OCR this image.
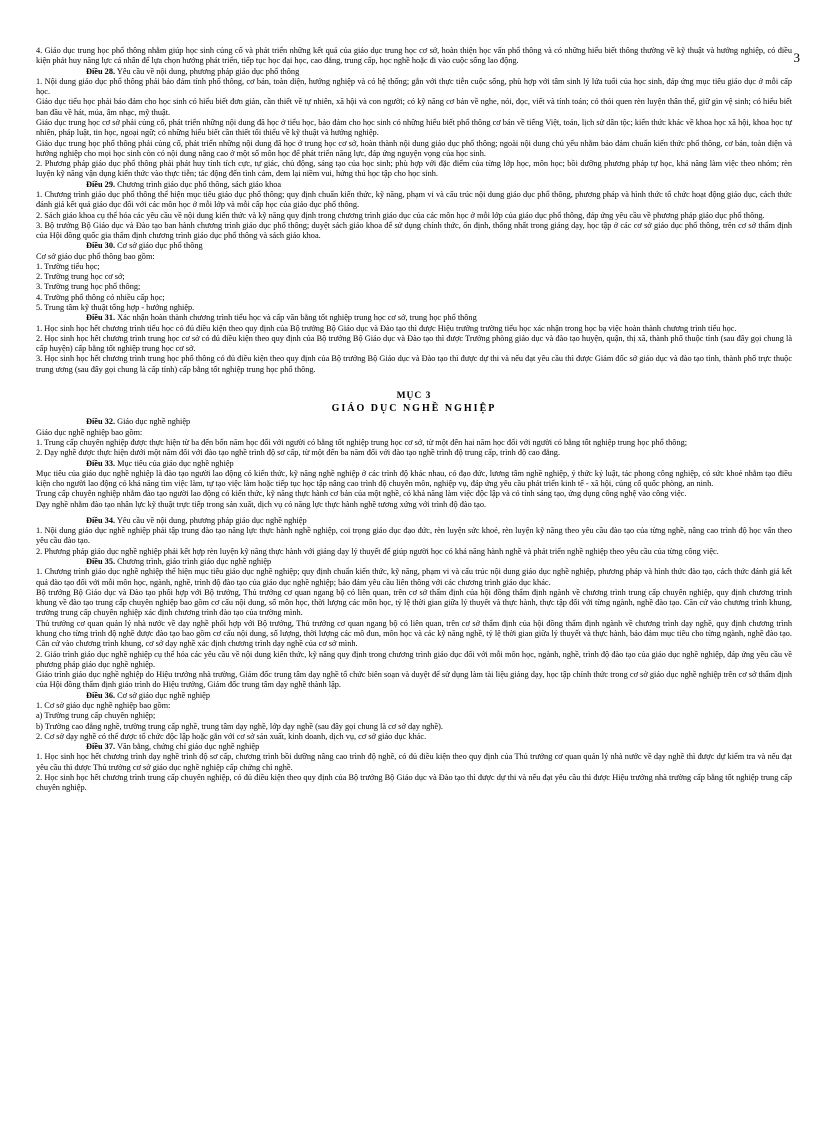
3

4. Giáo dục trung học phổ thông nhằm giúp học sinh củng cố và phát triển những kết quả của giáo dục trung học cơ sở, hoàn thiện học vấn phổ thông và có những hiểu biết thông thường về kỹ thuật và hướng nghiệp, có điều kiện phát huy năng lực cá nhân để lựa chọn hướng phát triển, tiếp tục học đại học, cao đẳng, trung cấp, học nghề hoặc đi vào cuộc sống lao động.

Điều 28. Yêu cầu về nội dung, phương pháp giáo dục phổ thông

1. Nội dung giáo dục phổ thông phải bảo đảm tính phổ thông, cơ bản, toàn diện, hướng nghiệp và có hệ thống; gắn với thực tiễn cuộc sống, phù hợp với tâm sinh lý lứa tuổi của học sinh, đáp ứng mục tiêu giáo dục ở mỗi cấp học.

Giáo dục tiểu học phải bảo đảm cho học sinh có hiểu biết đơn giản, cần thiết về tự nhiên, xã hội và con người; có kỹ năng cơ bản về nghe, nói, đọc, viết và tính toán; có thói quen rèn luyện thân thể, giữ gìn vệ sinh; có hiểu biết ban đầu về hát, múa, âm nhạc, mỹ thuật.

Giáo dục trung học cơ sở phải củng cố, phát triển những nội dung đã học ở tiểu học, bảo đảm cho học sinh có những hiểu biết phổ thông cơ bản về tiếng Việt, toán, lịch sử dân tộc; kiến thức khác về khoa học xã hội, khoa học tự nhiên, pháp luật, tin học, ngoại ngữ; có những hiểu biết cần thiết tối thiểu về kỹ thuật và hướng nghiệp.

Giáo dục trung học phổ thông phải củng cố, phát triển những nội dung đã học ở trung học cơ sở, hoàn thành nội dung giáo dục phổ thông; ngoài nội dung chủ yếu nhằm bảo đảm chuẩn kiến thức phổ thông, cơ bản, toàn diện và hướng nghiệp cho mọi học sinh còn có nội dung nâng cao ở một số môn học để phát triển năng lực, đáp ứng nguyện vọng của học sinh.

2. Phương pháp giáo dục phổ thông phải phát huy tính tích cực, tự giác, chủ động, sáng tạo của học sinh; phù hợp với đặc điểm của từng lớp học, môn học; bồi dưỡng phương pháp tự học, khả năng làm việc theo nhóm; rèn luyện kỹ năng vận dụng kiến thức vào thực tiễn; tác động đến tình cảm, đem lại niềm vui, hứng thú học tập cho học sinh.

Điều 29. Chương trình giáo dục phổ thông, sách giáo khoa

1. Chương trình giáo dục phổ thông thể hiện mục tiêu giáo dục phổ thông; quy định chuẩn kiến thức, kỹ năng, phạm vi và cấu trúc nội dung giáo dục phổ thông, phương pháp và hình thức tổ chức hoạt động giáo dục, cách thức đánh giá kết quả giáo dục đối với các môn học ở mỗi lớp và mỗi cấp học của giáo dục phổ thông.

2. Sách giáo khoa cụ thể hóa các yêu cầu về nội dung kiến thức và kỹ năng quy định trong chương trình giáo dục của các môn học ở mỗi lớp của giáo dục phổ thông, đáp ứng yêu cầu về phương pháp giáo dục phổ thông.

3. Bộ trưởng Bộ Giáo dục và Đào tạo ban hành chương trình giáo dục phổ thông; duyệt sách giáo khoa để sử dụng chính thức, ổn định, thống nhất trong giảng dạy, học tập ở các cơ sở giáo dục phổ thông, trên cơ sở thẩm định của Hội đồng quốc gia thẩm định chương trình giáo dục phổ thông và sách giáo khoa.

Điều 30. Cơ sở giáo dục phổ thông

Cơ sở giáo dục phổ thông bao gồm:

1. Trường tiểu học;

2. Trường trung học cơ sở;

3. Trường trung học phổ thông;

4. Trường phổ thông có nhiều cấp học;

5. Trung tâm kỹ thuật tổng hợp - hướng nghiệp.

Điều 31. Xác nhận hoàn thành chương trình tiểu học và cấp văn bằng tốt nghiệp trung học cơ sở, trung học phổ thông

1. Học sinh học hết chương trình tiểu học có đủ điều kiện theo quy định của Bộ trưởng Bộ Giáo dục và Đào tạo thì được Hiệu trưởng trường tiểu học xác nhận trong học bạ việc hoàn thành chương trình tiểu học.

2. Học sinh học hết chương trình trung học cơ sở có đủ điều kiện theo quy định của Bộ trưởng Bộ Giáo dục và Đào tạo thì được Trưởng phòng giáo dục và đào tạo huyện, quận, thị xã, thành phố thuộc tỉnh (sau đây gọi chung là cấp huyện) cấp bằng tốt nghiệp trung học cơ sở.

3. Học sinh học hết chương trình trung học phổ thông có đủ điều kiện theo quy định của Bộ trưởng Bộ Giáo dục và Đào tạo thì được dự thi và nếu đạt yêu cầu thì được Giám đốc sở giáo dục và đào tạo tỉnh, thành phố trực thuộc trung ương (sau đây gọi chung là cấp tỉnh) cấp bằng tốt nghiệp trung học phổ thông.

MỤC 3
GIÁO DỤC NGHỀ NGHIỆP

Điều 32. Giáo dục nghề nghiệp

Giáo dục nghề nghiệp bao gồm:

1. Trung cấp chuyên nghiệp được thực hiện từ ba đến bốn năm học đối với người có bằng tốt nghiệp trung học cơ sở, từ một đến hai năm học đối với người có bằng tốt nghiệp trung học phổ thông;

2. Dạy nghề được thực hiện dưới một năm đối với đào tạo nghề trình độ sơ cấp, từ một đến ba năm đối với đào tạo nghề trình độ trung cấp, trình độ cao đẳng.

Điều 33. Mục tiêu của giáo dục nghề nghiệp

Mục tiêu của giáo dục nghề nghiệp là đào tạo người lao động có kiến thức, kỹ năng nghề nghiệp ở các trình độ khác nhau, có đạo đức, lương tâm nghề nghiệp, ý thức kỷ luật, tác phong công nghiệp, có sức khoẻ nhằm tạo điều kiện cho người lao động có khả năng tìm việc làm, tự tạo việc làm hoặc tiếp tục học tập nâng cao trình độ chuyên môn, nghiệp vụ, đáp ứng yêu cầu phát triển kinh tế - xã hội, củng cố quốc phòng, an ninh.

Trung cấp chuyên nghiệp nhằm đào tạo người lao động có kiến thức, kỹ năng thực hành cơ bản của một nghề, có khả năng làm việc độc lập và có tính sáng tạo, ứng dụng công nghệ vào công việc.

Dạy nghề nhằm đào tạo nhân lực kỹ thuật trực tiếp trong sản xuất, dịch vụ có năng lực thực hành nghề tương xứng với trình độ đào tạo.

Điều 34. Yêu cầu về nội dung, phương pháp giáo dục nghề nghiệp

1. Nội dung giáo dục nghề nghiệp phải tập trung đào tạo năng lực thực hành nghề nghiệp, coi trọng giáo dục đạo đức, rèn luyện sức khoẻ, rèn luyện kỹ năng theo yêu cầu đào tạo của từng nghề, nâng cao trình độ học vấn theo yêu cầu đào tạo.

2. Phương pháp giáo dục nghề nghiệp phải kết hợp rèn luyện kỹ năng thực hành với giảng dạy lý thuyết để giúp người học có khả năng hành nghề và phát triển nghề nghiệp theo yêu cầu của từng công việc.

Điều 35. Chương trình, giáo trình giáo dục nghề nghiệp

1. Chương trình giáo dục nghề nghiệp thể hiện mục tiêu giáo dục nghề nghiệp; quy định chuẩn kiến thức, kỹ năng, phạm vi và cấu trúc nội dung giáo dục nghề nghiệp, phương pháp và hình thức đào tạo, cách thức đánh giá kết quả đào tạo đối với mỗi môn học, ngành, nghề, trình độ đào tạo của giáo dục nghề nghiệp; bảo đảm yêu cầu liên thông với các chương trình giáo dục khác.

Bộ trưởng Bộ Giáo dục và Đào tạo phối hợp với Bộ trưởng, Thủ trưởng cơ quan ngang bộ có liên quan, trên cơ sở thẩm định của hội đồng thẩm định ngành về chương trình trung cấp chuyên nghiệp, quy định chương trình khung về đào tạo trung cấp chuyên nghiệp bao gồm cơ cấu nội dung, số môn học, thời lượng các môn học, tỷ lệ thời gian giữa lý thuyết và thực hành, thực tập đối với từng ngành, nghề đào tạo. Căn cứ vào chương trình khung, trường trung cấp chuyên nghiệp xác định chương trình đào tạo của trường mình.

Thủ trưởng cơ quan quản lý nhà nước về dạy nghề phối hợp với Bộ trưởng, Thủ trưởng cơ quan ngang bộ có liên quan, trên cơ sở thẩm định của hội đồng thẩm định ngành về chương trình dạy nghề, quy định chương trình khung cho từng trình độ nghề được đào tạo bao gồm cơ cấu nội dung, số lượng, thời lượng các mô đun, môn học và các kỹ năng nghề, tỷ lệ thời gian giữa lý thuyết và thực hành, bảo đảm mục tiêu cho từng ngành, nghề đào tạo. Căn cứ vào chương trình khung, cơ sở dạy nghề xác định chương trình dạy nghề của cơ sở mình.

2. Giáo trình giáo dục nghề nghiệp cụ thể hóa các yêu cầu về nội dung kiến thức, kỹ năng quy định trong chương trình giáo dục đối với mỗi môn học, ngành, nghề, trình độ đào tạo của giáo dục nghề nghiệp, đáp ứng yêu cầu về phương pháp giáo dục nghề nghiệp.

Giáo trình giáo dục nghề nghiệp do Hiệu trưởng nhà trường, Giám đốc trung tâm dạy nghề tổ chức biên soạn và duyệt để sử dụng làm tài liệu giảng dạy, học tập chính thức trong cơ sở giáo dục nghề nghiệp trên cơ sở thẩm định của Hội đồng thẩm định giáo trình do Hiệu trưởng, Giám đốc trung tâm dạy nghề thành lập.

Điều 36. Cơ sở giáo dục nghề nghiệp

1. Cơ sở giáo dục nghề nghiệp bao gồm:

a) Trường trung cấp chuyên nghiệp;

b) Trường cao đẳng nghề, trường trung cấp nghề, trung tâm dạy nghề, lớp dạy nghề (sau đây gọi chung là cơ sở dạy nghề).

2. Cơ sở dạy nghề có thể được tổ chức độc lập hoặc gắn với cơ sở sản xuất, kinh doanh, dịch vụ, cơ sở giáo dục khác.

Điều 37. Văn bằng, chứng chỉ giáo dục nghề nghiệp

1. Học sinh học hết chương trình dạy nghề trình độ sơ cấp, chương trình bồi dưỡng nâng cao trình độ nghề, có đủ điều kiện theo quy định của Thủ trưởng cơ quan quản lý nhà nước về dạy nghề thì được dự kiểm tra và nếu đạt yêu cầu thì được Thủ trưởng cơ sở giáo dục nghề nghiệp cấp chứng chỉ nghề.

2. Học sinh học hết chương trình trung cấp chuyên nghiệp, có đủ điều kiện theo quy định của Bộ trưởng Bộ Giáo dục và Đào tạo thì được dự thi và nếu đạt yêu cầu thì được Hiệu trưởng nhà trường cấp bằng tốt nghiệp trung cấp chuyên nghiệp.
